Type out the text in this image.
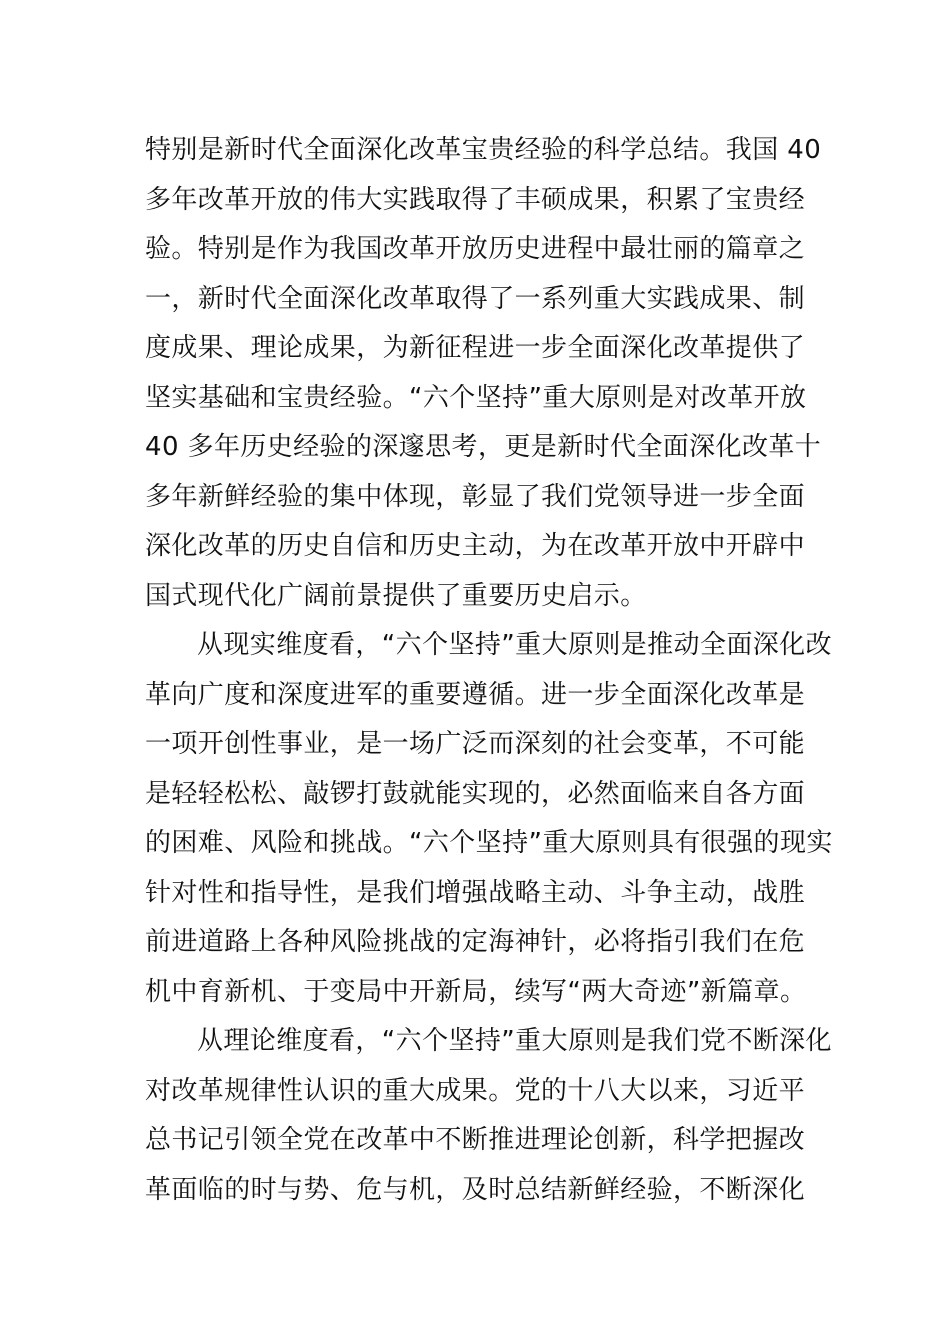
特别是新时代全面深化改革宝贵经验的科学总结。我国 40
多年改革开放的伟大实践取得了丰硕成果，积累了宝贵经
验。特别是作为我国改革开放历史进程中最壮丽的篇章之
一，新时代全面深化改革取得了一系列重大实践成果、制
度成果、理论成果，为新征程进一步全面深化改革提供了
坚实基础和宝贵经验。“六个坚持”重大原则是对改革开放
40 多年历史经验的深邃思考，更是新时代全面深化改革十
多年新鲜经验的集中体现，彰显了我们党领导进一步全面
深化改革的历史自信和历史主动，为在改革开放中开辟中
国式现代化广阔前景提供了重要历史启示。
从现实维度看，“六个坚持”重大原则是推动全面深化改
革向广度和深度进军的重要遵循。进一步全面深化改革是
一项开创性事业，是一场广泛而深刻的社会变革，不可能
是轻轻松松、敲锣打鼓就能实现的，必然面临来自各方面
的困难、风险和挑战。“六个坚持”重大原则具有很强的现实
针对性和指导性，是我们增强战略主动、斗争主动，战胜
前进道路上各种风险挑战的定海神针，必将指引我们在危
机中育新机、于变局中开新局，续写“两大奇迹”新篇章。
从理论维度看，“六个坚持”重大原则是我们党不断深化
对改革规律性认识的重大成果。党的十八大以来，习近平
总书记引领全党在改革中不断推进理论创新，科学把握改
革面临的时与势、危与机，及时总结新鲜经验，不断深化
